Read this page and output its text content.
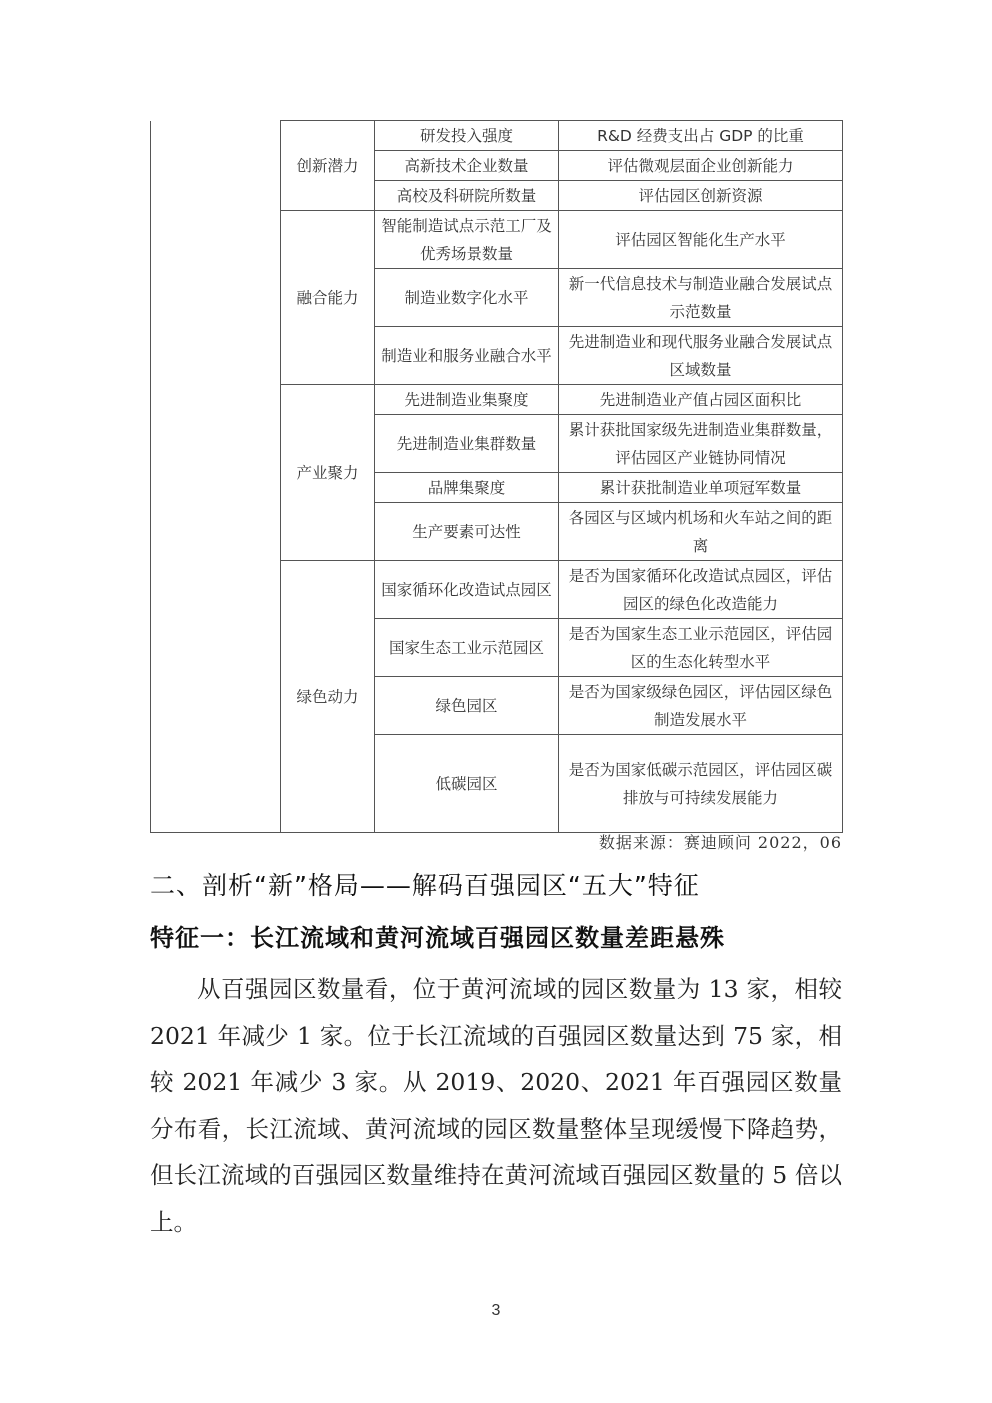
	创新潜力	研发投入强度	R&D 经费支出占 GDP 的比重
		高新技术企业数量	评估微观层面企业创新能力
		高校及科研院所数量	评估园区创新资源
	融合能力	智能制造试点示范工厂及优秀场景数量	评估园区智能化生产水平
		制造业数字化水平	新一代信息技术与制造业融合发展试点示范数量
		制造业和服务业融合水平	先进制造业和现代服务业融合发展试点区域数量
	产业聚力	先进制造业集聚度	先进制造业产值占园区面积比
		先进制造业集群数量	累计获批国家级先进制造业集群数量，评估园区产业链协同情况
		品牌集聚度	累计获批制造业单项冠军数量
		生产要素可达性	各园区与区域内机场和火车站之间的距离
	绿色动力	国家循环化改造试点园区	是否为国家循环化改造试点园区，评估园区的绿色化改造能力
		国家生态工业示范园区	是否为国家生态工业示范园区，评估园区的生态化转型水平
		绿色园区	是否为国家级绿色园区，评估园区绿色制造发展水平
		低碳园区	是否为国家低碳示范园区，评估园区碳排放与可持续发展能力
数据来源：赛迪顾问 2022，06
二、剖析“新”格局——解码百强园区“五大”特征
特征一：长江流域和黄河流域百强园区数量差距悬殊

从百强园区数量看，位于黄河流域的园区数量为 13 家，相较 2021 年减少 1 家。位于长江流域的百强园区数量达到 75 家，相较 2021 年减少 3 家。从 2019、2020、2021 年百强园区数量分布看，长江流域、黄河流域的园区数量整体呈现缓慢下降趋势，但长江流域的百强园区数量维持在黄河流域百强园区数量的 5 倍以上。

3
